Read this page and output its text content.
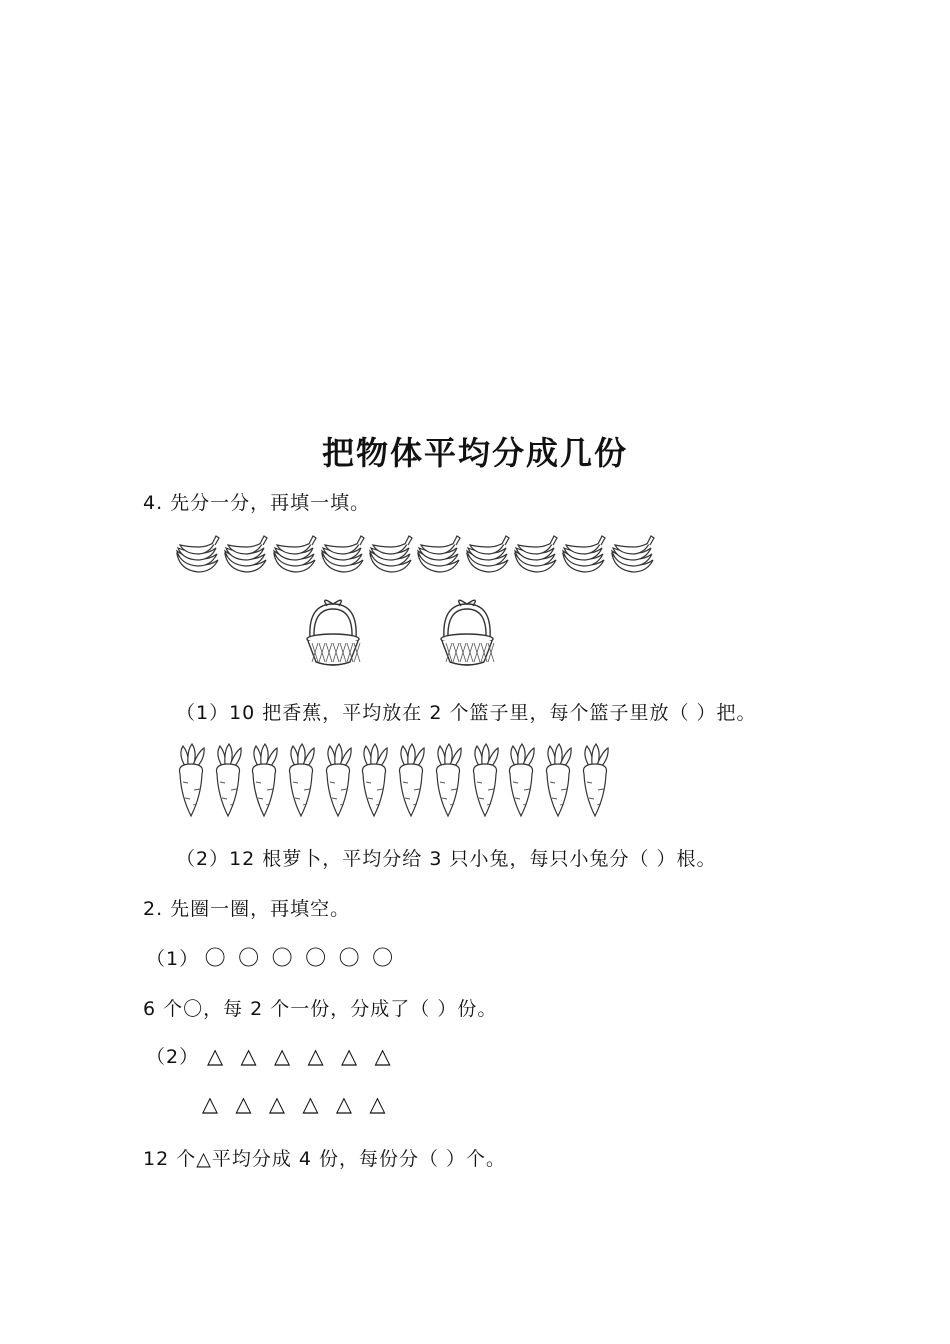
把物体平均分成几份
4. 先分一分，再填一填。
（1）10 把香蕉，平均放在 2 个篮子里，每个篮子里放（ ）把。
（2）12 根萝卜，平均分给 3 只小兔，每只小兔分（ ）根。
2. 先圈一圈，再填空。
（1） 〇 〇 〇 〇 〇 〇
6 个〇，每 2 个一份，分成了（ ）份。
（2） △ △ △ △ △ △
△ △ △ △ △ △
12 个△平均分成 4 份，每份分（ ）个。
